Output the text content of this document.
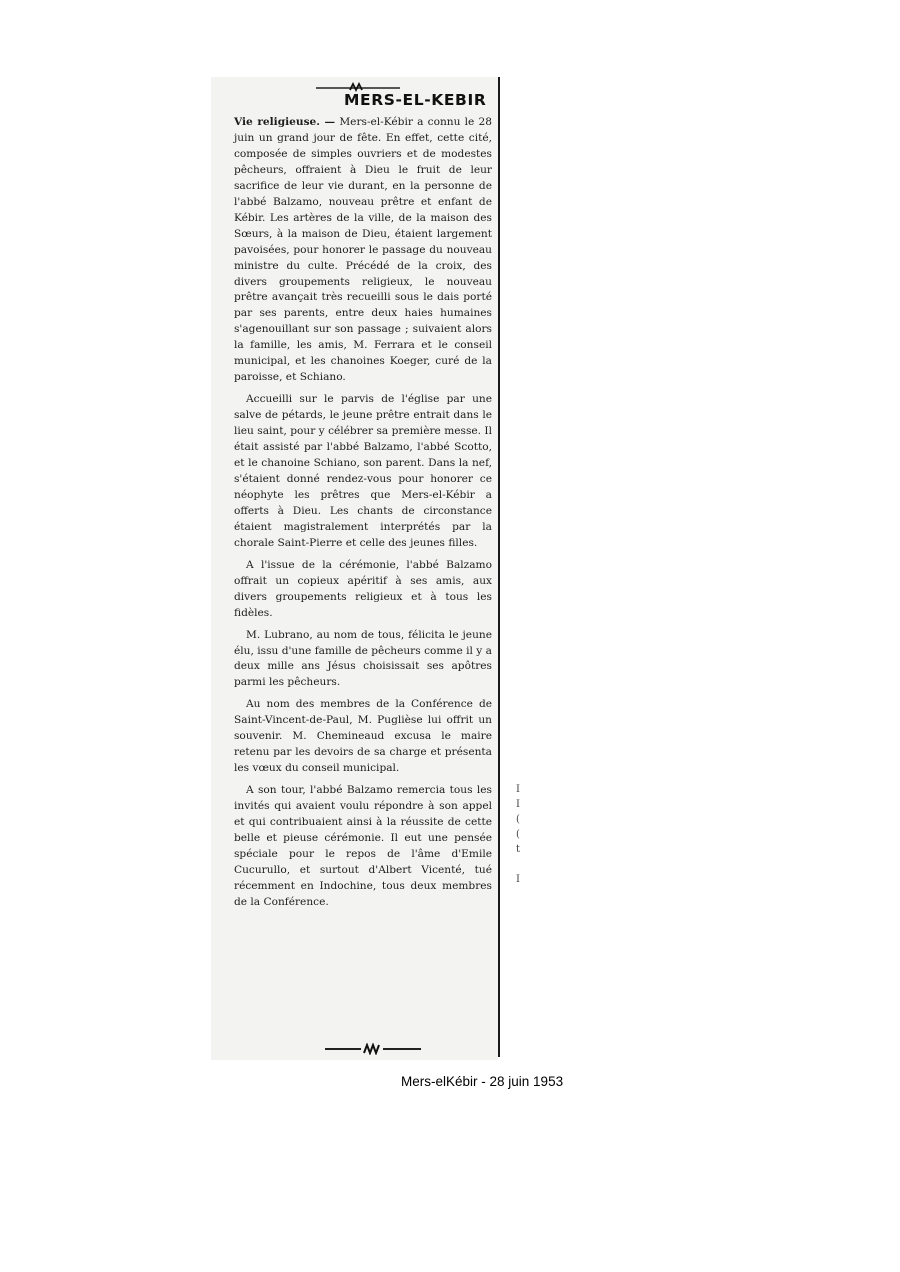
MERS-EL-KEBIR

Vie religieuse. — Mers-el-Kébir a connu le 28 juin un grand jour de fête. En effet, cette cité, composée de simples ouvriers et de modestes pêcheurs, offraient à Dieu le fruit de leur sacrifice de leur vie durant, en la personne de l'abbé Balzamo, nouveau prêtre et enfant de Kébir. Les artères de la ville, de la maison des Sœurs, à la maison de Dieu, étaient largement pavoisées, pour honorer le passage du nouveau ministre du culte. Précédé de la croix, des divers groupements religieux, le nouveau prêtre avançait très recueilli sous le dais porté par ses parents, entre deux haies humaines s'agenouillant sur son passage ; suivaient alors la famille, les amis, M. Ferrara et le conseil municipal, et les chanoines Koeger, curé de la paroisse, et Schiano.

Accueilli sur le parvis de l'église par une salve de pétards, le jeune prêtre entrait dans le lieu saint, pour y célébrer sa première messe. Il était assisté par l'abbé Balzamo, l'abbé Scotto, et le chanoine Schiano, son parent. Dans la nef, s'étaient donné rendez-vous pour honorer ce néophyte les prêtres que Mers-el-Kébir a offerts à Dieu. Les chants de circonstance étaient magistralement interprétés par la chorale Saint-Pierre et celle des jeunes filles.

A l'issue de la cérémonie, l'abbé Balzamo offrait un copieux apéritif à ses amis, aux divers groupements religieux et à tous les fidèles.

M. Lubrano, au nom de tous, félicita le jeune élu, issu d'une famille de pêcheurs comme il y a deux mille ans Jésus choisissait ses apôtres parmi les pêcheurs.

Au nom des membres de la Conférence de Saint-Vincent-de-Paul, M. Puglièse lui offrit un souvenir. M. Chemineaud excusa le maire retenu par les devoirs de sa charge et présenta les vœux du conseil municipal.

A son tour, l'abbé Balzamo remercia tous les invités qui avaient voulu répondre à son appel et qui contribuaient ainsi à la réussite de cette belle et pieuse cérémonie. Il eut une pensée spéciale pour le repos de l'âme d'Emile Cucurullo, et surtout d'Albert Vicenté, tué récemment en Indochine, tous deux membres de la Conférence.

I
I
(
(
t
I
Mers-elKébir - 28 juin 1953
